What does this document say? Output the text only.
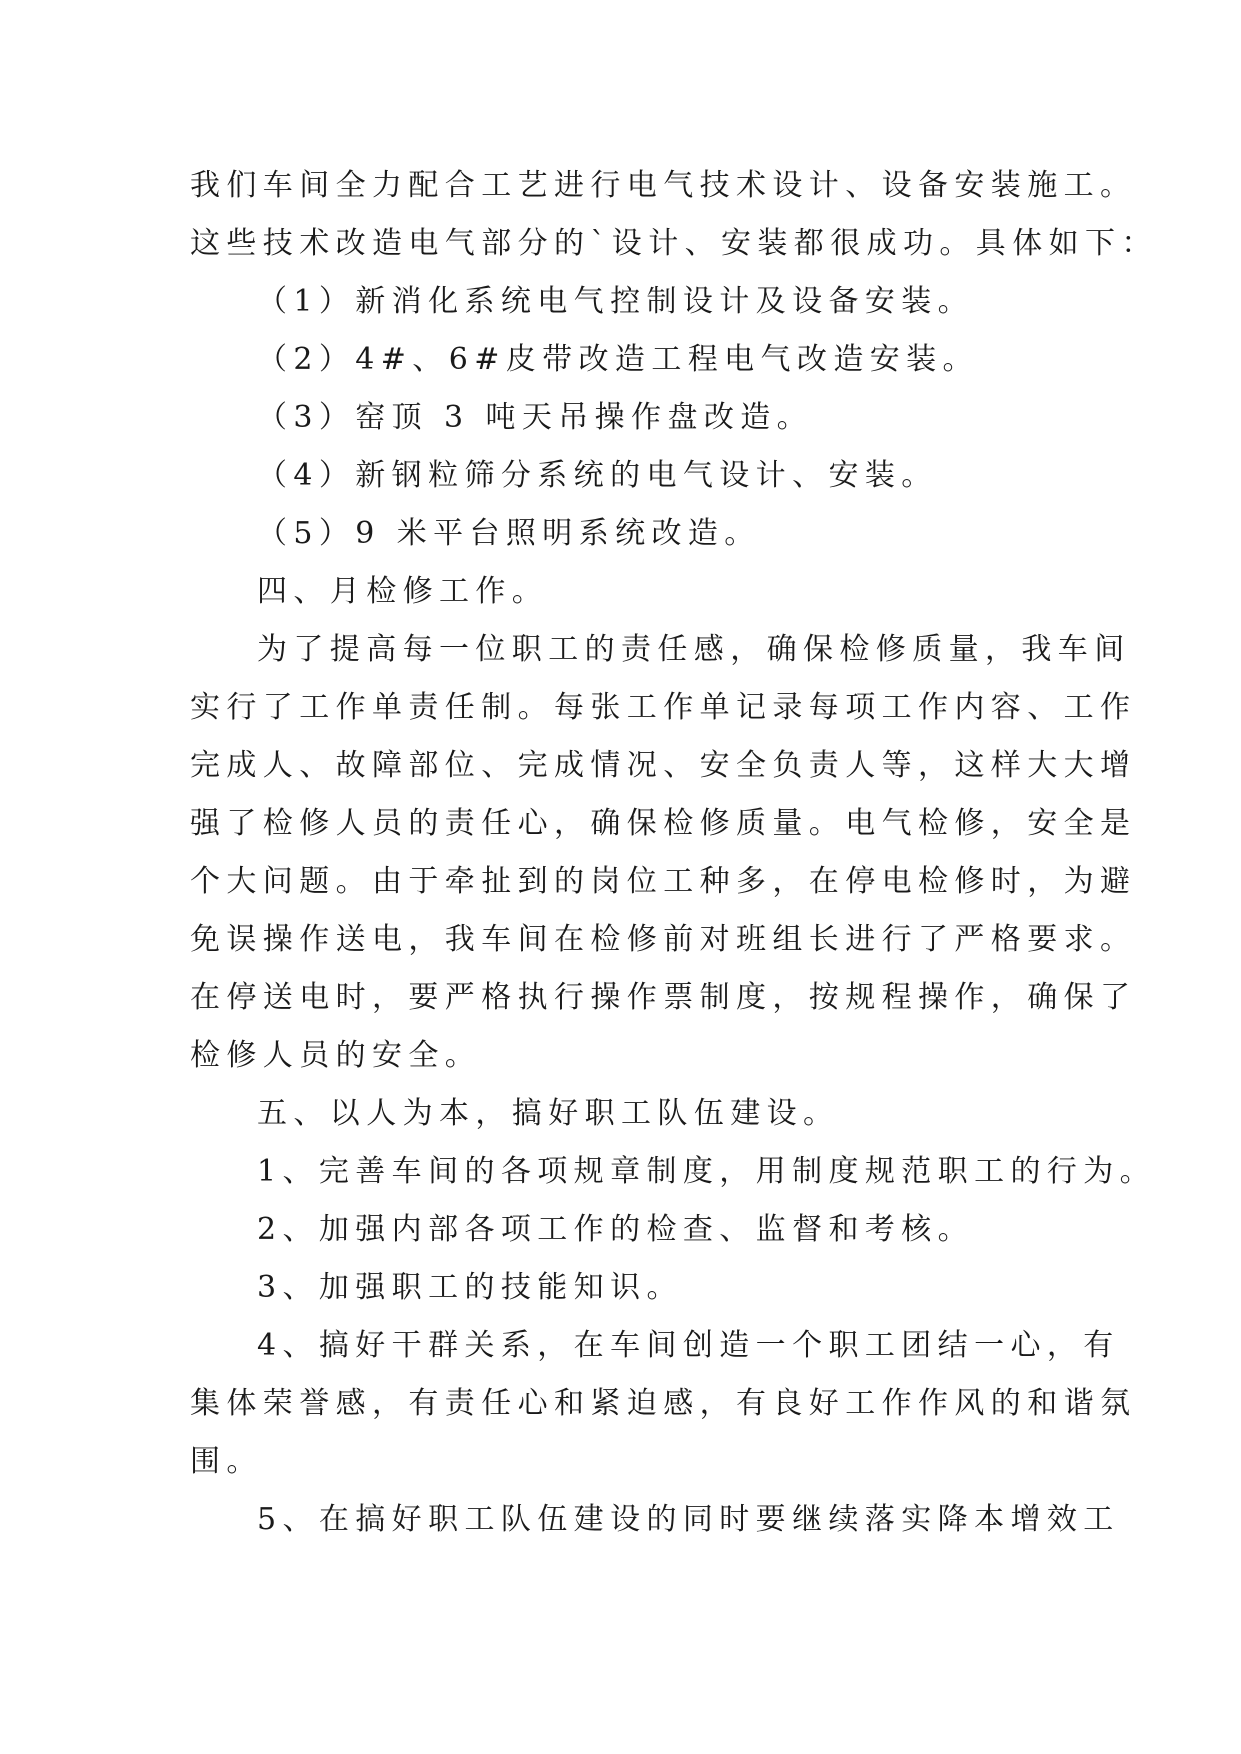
我们车间全力配合工艺进行电气技术设计、设备安装施工。
这些技术改造电气部分的`设计、安装都很成功。具体如下：
（1）新消化系统电气控制设计及设备安装。
（2）4#、6#皮带改造工程电气改造安装。
（3）窑顶 3 吨天吊操作盘改造。
（4）新钢粒筛分系统的电气设计、安装。
（5）9 米平台照明系统改造。
四、月检修工作。
为了提高每一位职工的责任感，确保检修质量，我车间
实行了工作单责任制。每张工作单记录每项工作内容、工作
完成人、故障部位、完成情况、安全负责人等，这样大大增
强了检修人员的责任心，确保检修质量。电气检修，安全是
个大问题。由于牵扯到的岗位工种多，在停电检修时，为避
免误操作送电，我车间在检修前对班组长进行了严格要求。
在停送电时，要严格执行操作票制度，按规程操作，确保了
检修人员的安全。
五、以人为本，搞好职工队伍建设。
1、完善车间的各项规章制度，用制度规范职工的行为。
2、加强内部各项工作的检查、监督和考核。
3、加强职工的技能知识。
4、搞好干群关系，在车间创造一个职工团结一心，有
集体荣誉感，有责任心和紧迫感，有良好工作作风的和谐氛
围。
5、在搞好职工队伍建设的同时要继续落实降本增效工
